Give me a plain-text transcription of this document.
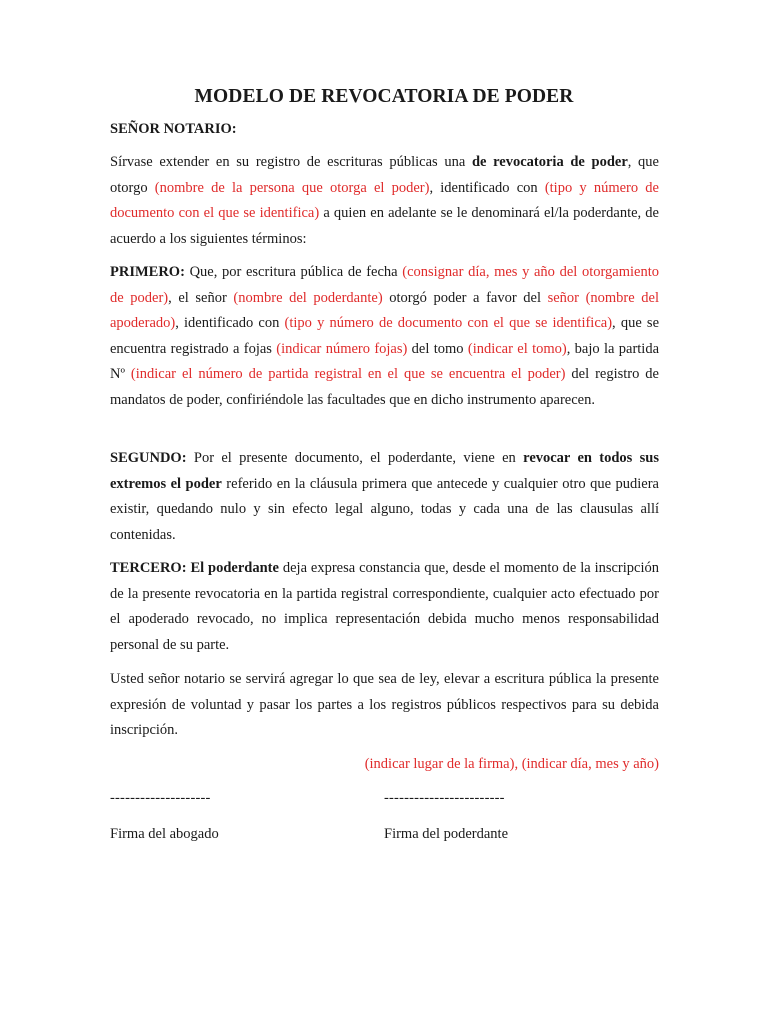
MODELO DE REVOCATORIA DE PODER
SEÑOR NOTARIO:

Sírvase extender en su registro de escrituras públicas una de revocatoria de poder, que otorgo (nombre de la persona que otorga el poder), identificado con (tipo y número de documento con el que se identifica) a quien en adelante se le denominará el/la poderdante, de acuerdo a los siguientes términos:

PRIMERO: Que, por escritura pública de fecha (consignar día, mes y año del otorgamiento de poder), el señor (nombre del poderdante) otorgó poder a favor del señor (nombre del apoderado), identificado con (tipo y número de documento con el que se identifica), que se encuentra registrado a fojas (indicar número fojas) del tomo (indicar el tomo), bajo la partida Nº (indicar el número de partida registral en el que se encuentra el poder) del registro de mandatos de poder, confiriéndole las facultades que en dicho instrumento aparecen.

SEGUNDO: Por el presente documento, el poderdante, viene en revocar en todos sus extremos el poder referido en la cláusula primera que antecede y cualquier otro que pudiera existir, quedando nulo y sin efecto legal alguno, todas y cada una de las clausulas allí contenidas.

TERCERO: El poderdante deja expresa constancia que, desde el momento de la inscripción de la presente revocatoria en la partida registral correspondiente, cualquier acto efectuado por el apoderado revocado, no implica representación debida mucho menos responsabilidad personal de su parte.

Usted señor notario se servirá agregar lo que sea de ley, elevar a escritura pública la presente expresión de voluntad y pasar los partes a los registros públicos respectivos para su debida inscripción.

(indicar lugar de la firma), (indicar día, mes y año)
--------------------	------------------------
Firma del abogado	Firma del poderdante
